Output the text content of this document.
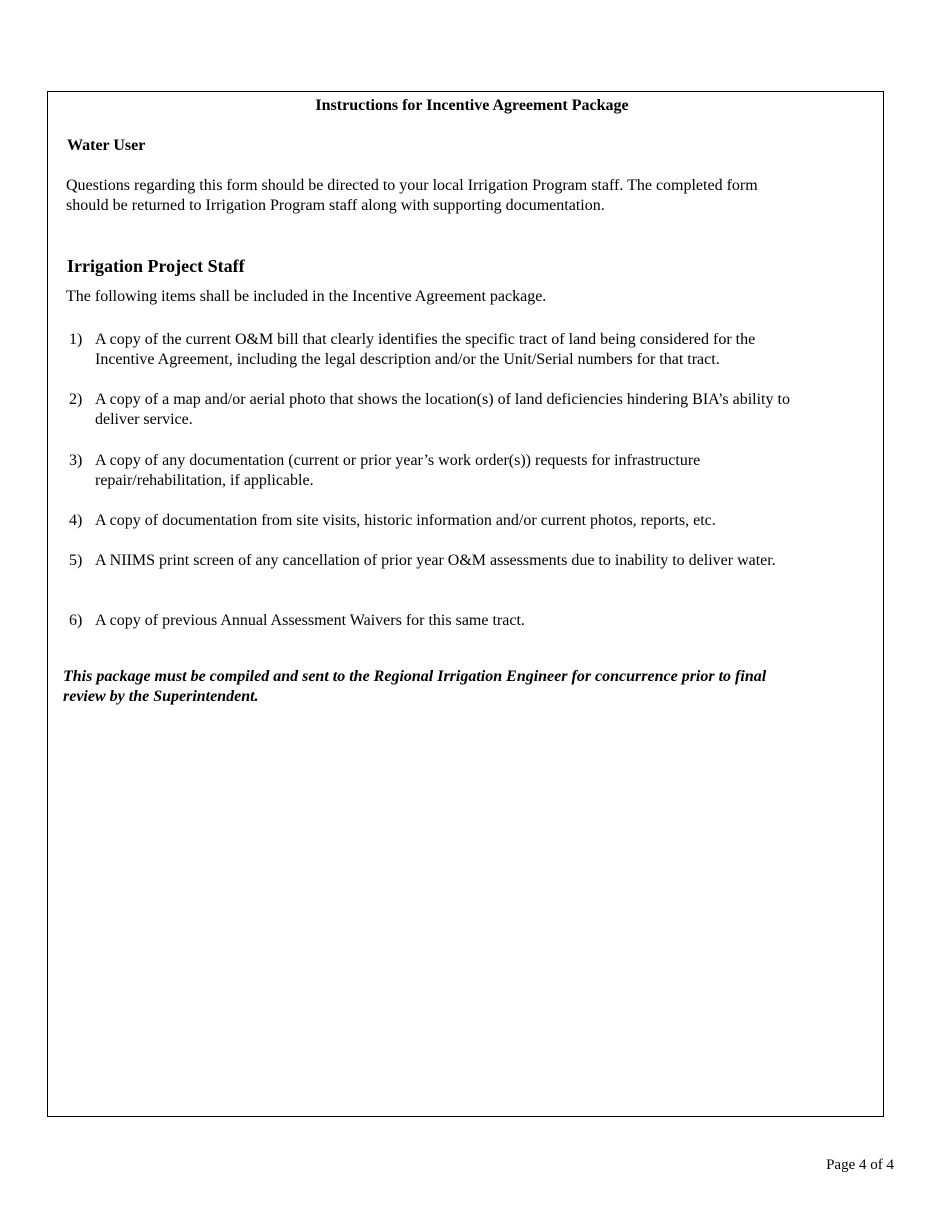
Instructions for Incentive Agreement Package
Water User
Questions regarding this form should be directed to your local Irrigation Program staff. The completed form should be returned to Irrigation Program staff along with supporting documentation.
Irrigation Project Staff
The following items shall be included in the Incentive Agreement package.
1) A copy of the current O&M bill that clearly identifies the specific tract of land being considered for the Incentive Agreement, including the legal description and/or the Unit/Serial numbers for that tract.
2) A copy of a map and/or aerial photo that shows the location(s) of land deficiencies hindering BIA’s ability to deliver service.
3) A copy of any documentation (current or prior year’s work order(s)) requests for infrastructure repair/rehabilitation, if applicable.
4) A copy of documentation from site visits, historic information and/or current photos, reports, etc.
5) A NIIMS print screen of any cancellation of prior year O&M assessments due to inability to deliver water.
6) A copy of previous Annual Assessment Waivers for this same tract.
This package must be compiled and sent to the Regional Irrigation Engineer for concurrence prior to final review by the Superintendent.
Page 4 of 4
